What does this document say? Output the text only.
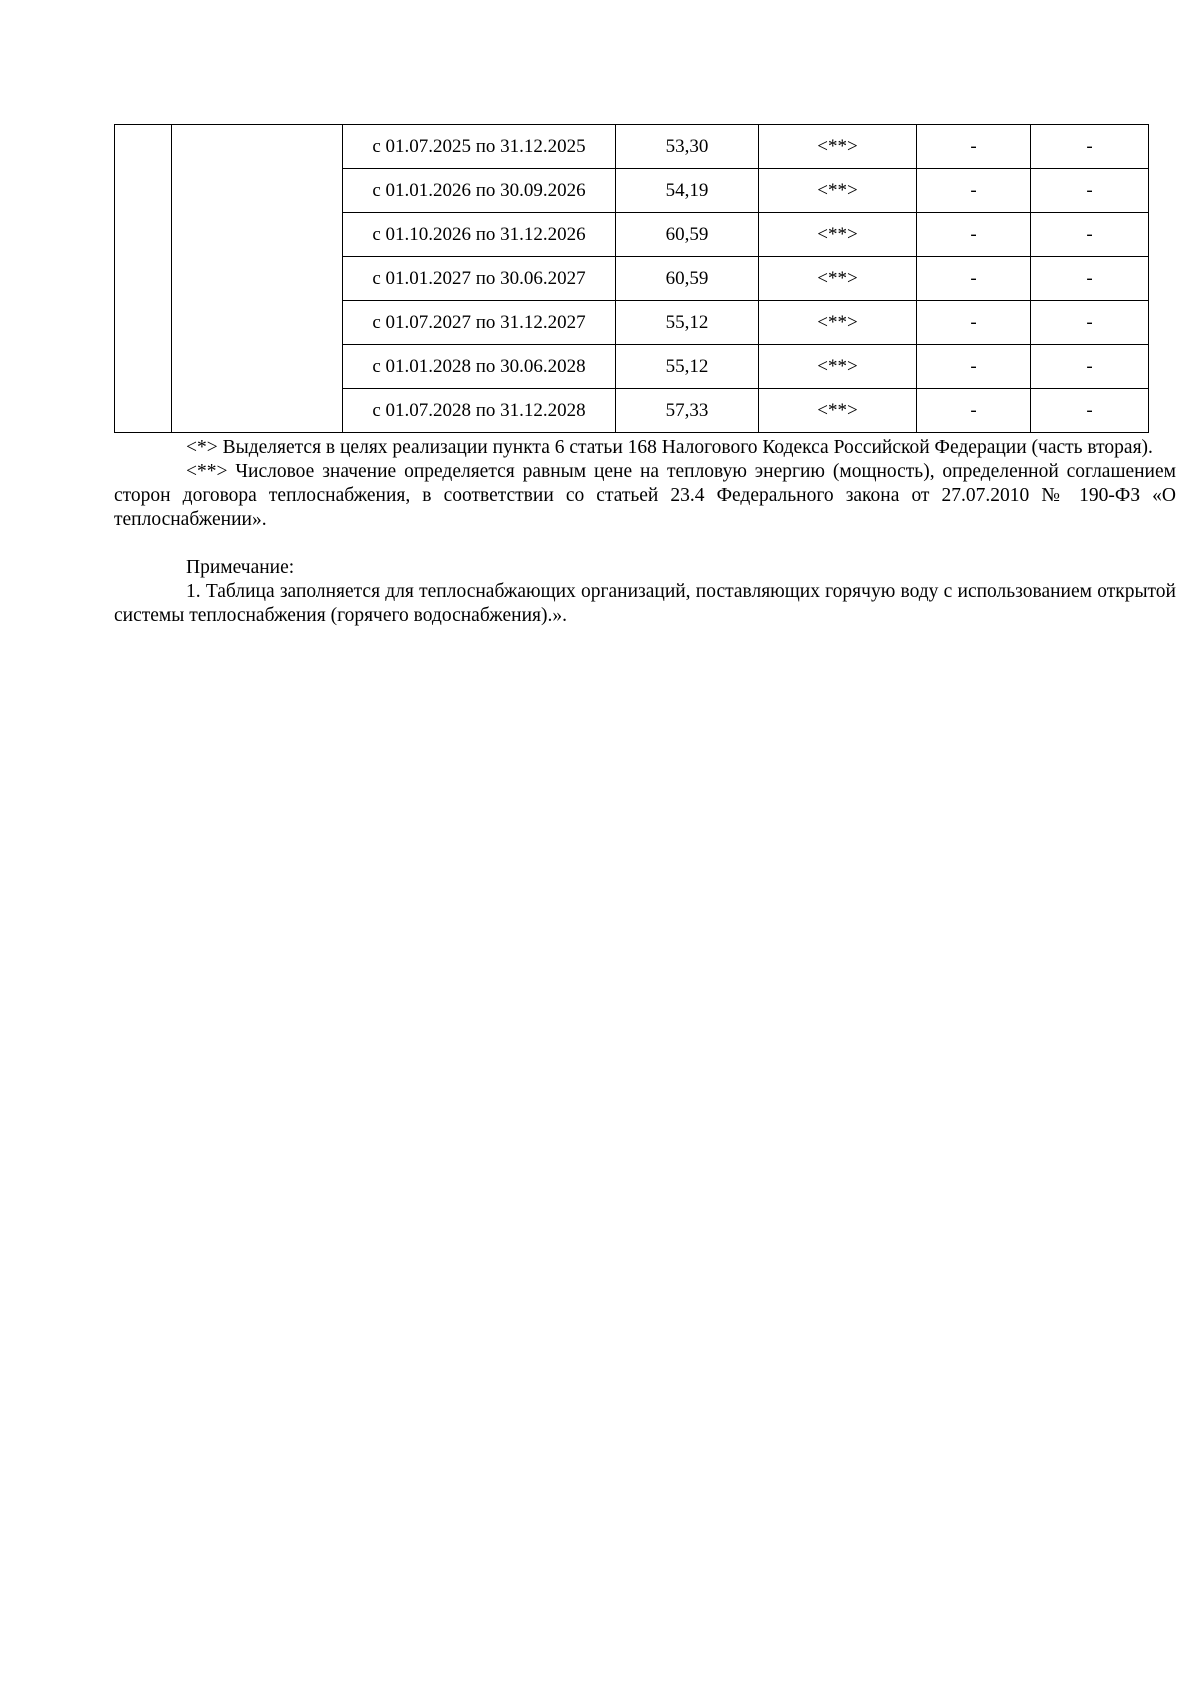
		с 01.07.2025 по 31.12.2025	53,30	<**>	-	-
		с 01.01.2026 по 30.09.2026	54,19	<**>	-	-
		с 01.10.2026 по 31.12.2026	60,59	<**>	-	-
		с 01.01.2027 по 30.06.2027	60,59	<**>	-	-
		с 01.07.2027 по 31.12.2027	55,12	<**>	-	-
		с 01.01.2028 по 30.06.2028	55,12	<**>	-	-
		с 01.07.2028 по 31.12.2028	57,33	<**>	-	-

<*> Выделяется в целях реализации пункта 6 статьи 168 Налогового Кодекса Российской Федерации (часть вторая).

<**> Числовое значение определяется равным цене на тепловую энергию (мощность), определенной соглашением сторон договора теплоснабжения, в соответствии со статьей 23.4 Федерального закона от 27.07.2010 № 190-ФЗ «О теплоснабжении».

Примечание:

1. Таблица заполняется для теплоснабжающих организаций, поставляющих горячую воду с использованием открытой системы теплоснабжения (горячего водоснабжения).».
